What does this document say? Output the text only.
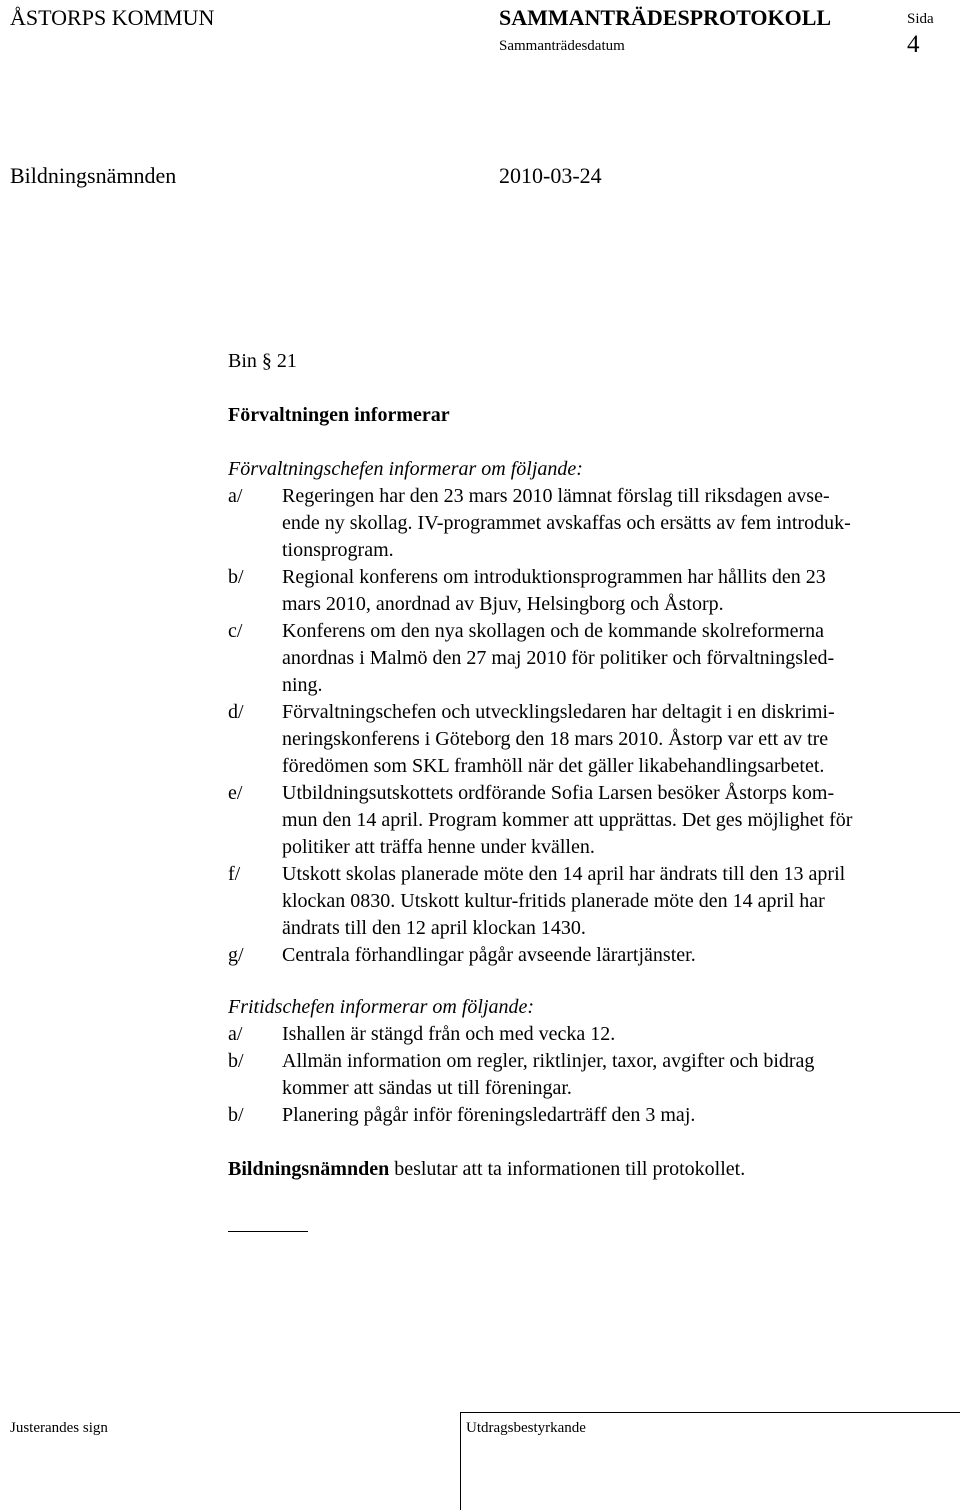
ÅSTORPS KOMMUN	SAMMANTRÄDESPROTOKOLL	Sida
Sammanträdesdatum	4
Bildningsnämnden	2010-03-24
Bin § 21
Förvaltningen informerar
Förvaltningschefen informerar om följande:
a/	Regeringen har den 23 mars 2010 lämnat förslag till riksdagen avse-
ende ny skollag. IV-programmet avskaffas och ersätts av fem introduk-
tionsprogram.
b/	Regional konferens om introduktionsprogrammen har hållits den 23
mars 2010, anordnad av Bjuv, Helsingborg och Åstorp.
c/	Konferens om den nya skollagen och de kommande skolreformerna
anordnas i Malmö den 27 maj 2010 för politiker och förvaltningsled-
ning.
d/	Förvaltningschefen och utvecklingsledaren har deltagit i en diskrimi-
neringskonferens i Göteborg den 18 mars 2010. Åstorp var ett av tre
föredömen som SKL framhöll när det gäller likabehandlingsarbetet.
e/	Utbildningsutskottets ordförande Sofia Larsen besöker Åstorps kom-
mun den 14 april. Program kommer att upprättas. Det ges möjlighet för
politiker att träffa henne under kvällen.
f/	Utskott skolas planerade möte den 14 april har ändrats till den 13 april
klockan 0830. Utskott kultur-fritids planerade möte den 14 april har
ändrats till den 12 april klockan 1430.
g/	Centrala förhandlingar pågår avseende lärartjänster.
Fritidschefen informerar om följande:
a/	Ishallen är stängd från och med vecka 12.
b/	Allmän information om regler, riktlinjer, taxor, avgifter och bidrag
kommer att sändas ut till föreningar.
b/	Planering pågår inför föreningsledarträff den 3 maj.
Bildningsnämnden beslutar att ta informationen till protokollet.
Justerandes sign	Utdragsbestyrkande
